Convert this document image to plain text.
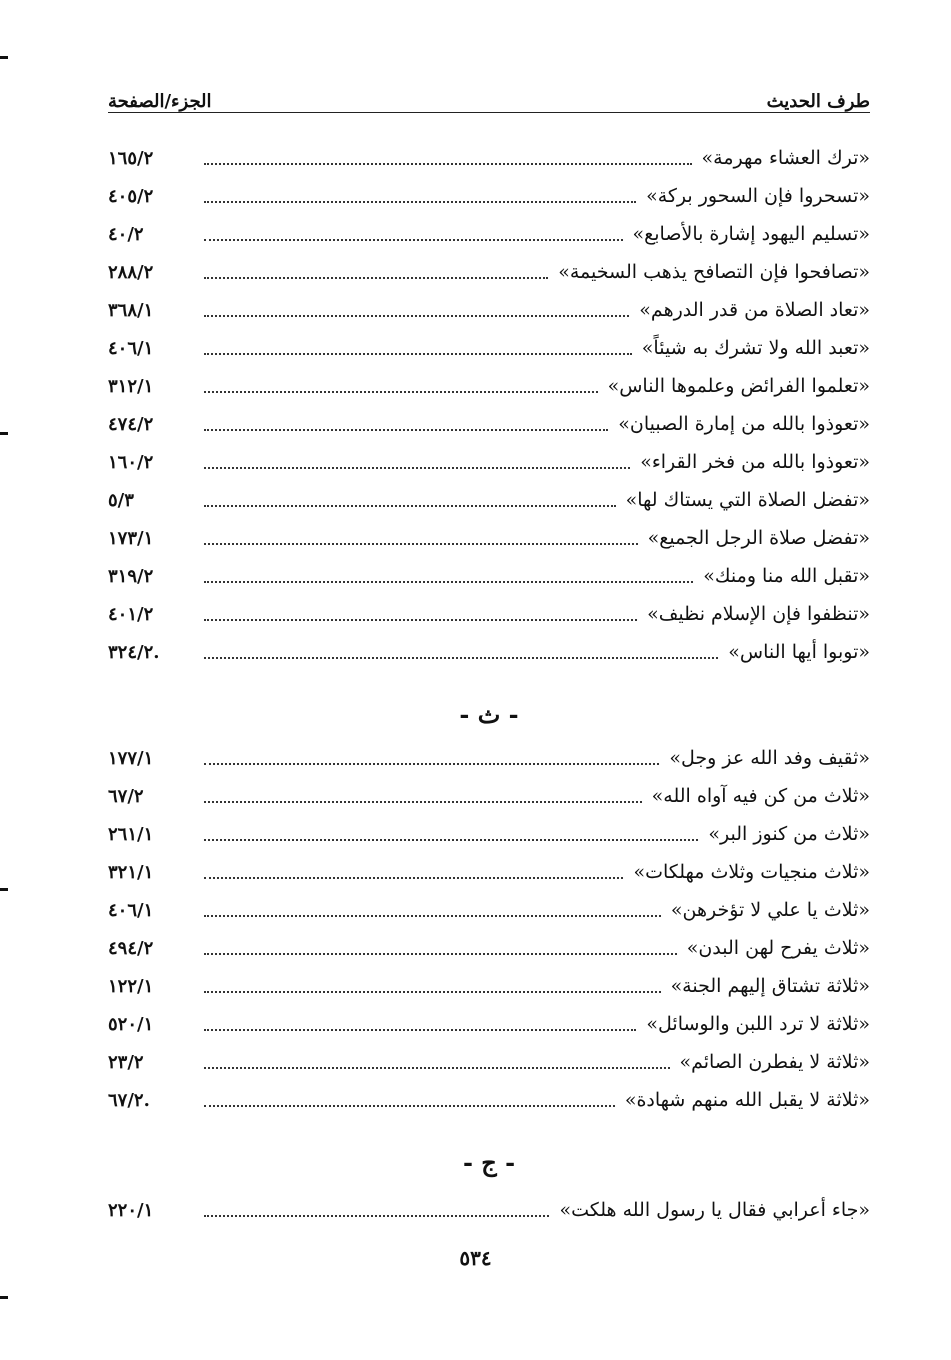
طرف الحديث
الجزء/الصفحة
«ترك العشاء مهرمة»
١٦٥/٢
«تسحروا فإن السحور بركة»
٤٠٥/٢
«تسليم اليهود إشارة بالأصابع»
٤٠/٢
«تصافحوا فإن التصافح يذهب السخيمة»
٢٨٨/٢
«تعاد الصلاة من قدر الدرهم»
٣٦٨/١
«تعبد الله ولا تشرك به شيئاً»
٤٠٦/١
«تعلموا الفرائض وعلموها الناس»
٣١٢/١
«تعوذوا بالله من إمارة الصبيان»
٤٧٤/٢
«تعوذوا بالله من فخر القراء»
١٦٠/٢
«تفضل الصلاة التي يستاك لها»
٥/٣
«تفضل صلاة الرجل الجميع»
١٧٣/١
«تقبل الله منا ومنك»
٣١٩/٢
«تنظفوا فإن الإسلام نظيف»
٤٠١/٢
«توبوا أيها الناس»
.٣٢٤/٢
- ث -
«ثقيف وفد الله عز وجل»
١٧٧/١
«ثلاث من كن فيه آواه الله»
٦٧/٢
«ثلاث من كنوز البر»
٢٦١/١
«ثلاث منجيات وثلاث مهلكات»
٣٢١/١
«ثلاث يا علي لا تؤخرهن»
٤٠٦/١
«ثلاث يفرح لهن البدن»
٤٩٤/٢
«ثلاثة تشتاق إليهم الجنة»
١٢٢/١
«ثلاثة لا ترد اللبن والوسائل»
٥٢٠/١
«ثلاثة لا يفطرن الصائم»
٢٣/٢
«ثلاثة لا يقبل الله منهم شهادة»
.٦٧/٢
- ج -
«جاء أعرابي فقال يا رسول الله هلكت»
٢٢٠/١
٥٣٤
